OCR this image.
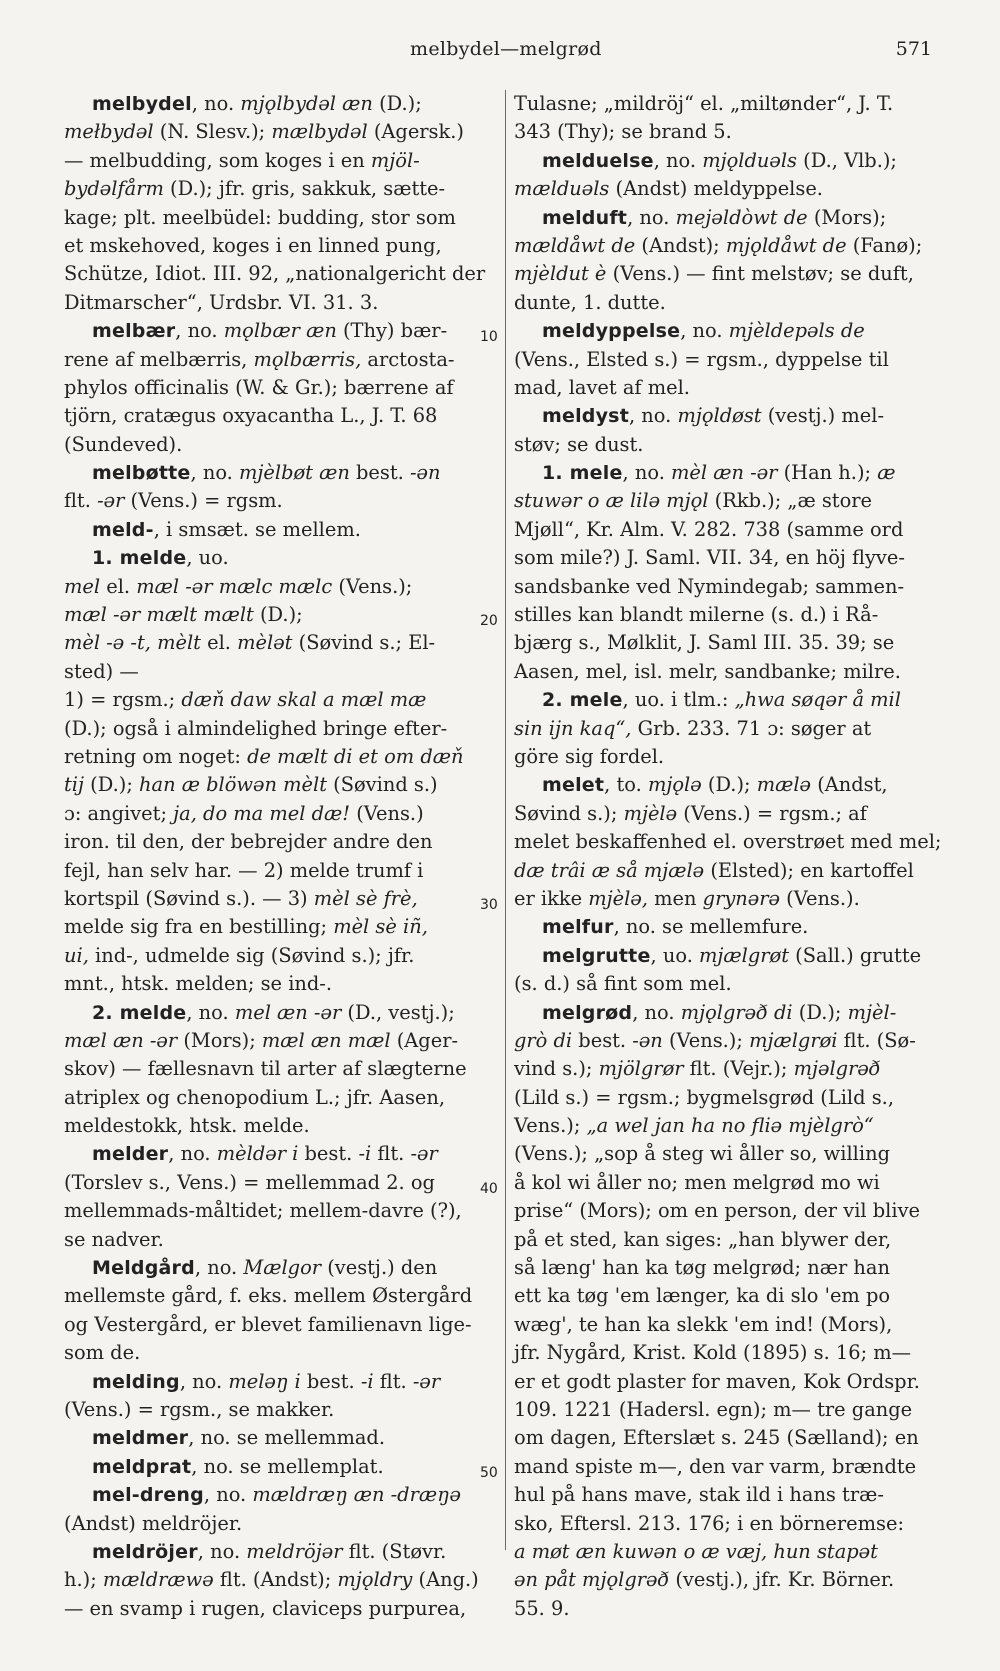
melbydel—melgrød	571
melbydel, no. mjǫlbydəl æn (D.);
mełbydəl (N. Slesv.); mælbydəl (Agersk.)
— melbudding, som koges i en mjöl-
bydəlfårm (D.); jfr. gris, sakkuk, sætte-
kage; plt. meelbüdel: budding, stor som
et mskehoved, koges i en linned pung,
Schütze, Idiot. III. 92, „nationalgericht der
Ditmarscher“, Urdsbr. VI. 31. 3.
melbær, no. mǫlbær æn (Thy) bær-
rene af melbærris, mǫlbærris, arctosta-
phylos officinalis (W. & Gr.); bærrene af
tjörn, cratægus oxyacantha L., J. T. 68
(Sundeved).
melbøtte, no. mjèlbøt æn best. -ən
flt. -ər (Vens.) = rgsm.
meld-, i smsæt. se mellem.
1. melde, uo.
mel el. mæl -ər mælc mælc (Vens.);
mæl -ər mælt mælt (D.);
mèl -ə -t, mèlt el. mèlət (Søvind s.; El-
sted) —
1) = rgsm.; dæň daw skal a mæl mæ
(D.); også i almindelighed bringe efter-
retning om noget: de mælt di et om dæň
tij (D.); han æ blöwən mèlt (Søvind s.)
ɔ: angivet; ja, do ma mel dæ! (Vens.)
iron. til den, der bebrejder andre den
fejl, han selv har. — 2) melde trumf i
kortspil (Søvind s.). — 3) mèl sè frè,
melde sig fra en bestilling; mèl sè iñ,
ui, ind-, udmelde sig (Søvind s.); jfr.
mnt., htsk. melden; se ind-.
2. melde, no. mel æn -ər (D., vestj.);
mæl æn -ər (Mors); mæl æn mæl (Ager-
skov) — fællesnavn til arter af slægterne
atriplex og chenopodium L.; jfr. Aasen,
meldestokk, htsk. melde.
melder, no. mèldər i best. -i flt. -ər
(Torslev s., Vens.) = mellemmad 2. og
mellemmads-måltidet; mellem-davre (?),
se nadver.
Meldgård, no. Mælgor (vestj.) den
mellemste gård, f. eks. mellem Østergård
og Vestergård, er blevet familienavn lige-
som de.
melding, no. meləŋ i best. -i flt. -ər
(Vens.) = rgsm., se makker.
meldmer, no. se mellemmad.
meldprat, no. se mellemplat.
mel-dreng, no. mældræŋ æn -dræŋə
(Andst) meldröjer.
meldröjer, no. meldröjər flt. (Støvr.
h.); mældræwə flt. (Andst); mjǫldry (Ang.)
— en svamp i rugen, claviceps purpurea,
Tulasne; „mildröj“ el. „miltønder“, J. T.
343 (Thy); se brand 5.
melduelse, no. mjǫlduəls (D., Vlb.);
mælduəls (Andst) meldyppelse.
melduft, no. mejəldòwt de (Mors);
mældåwt de (Andst); mjǫldåwt de (Fanø);
mjèldut è (Vens.) — fint melstøv; se duft,
dunte, 1. dutte.
meldyppelse, no. mjèldepəls de
(Vens., Elsted s.) = rgsm., dyppelse til
mad, lavet af mel.
meldyst, no. mjǫldøst (vestj.) mel-
støv; se dust.
1. mele, no. mèl æn -ər (Han h.); æ
stuwər o æ lilə mjǫl (Rkb.); „æ store
Mjøll“, Kr. Alm. V. 282. 738 (samme ord
som mile?) J. Saml. VII. 34, en höj flyve-
sandsbanke ved Nymindegab; sammen-
stilles kan blandt milerne (s. d.) i Rå-
bjærg s., Mølklit, J. Saml III. 35. 39; se
Aasen, mel, isl. melr, sandbanke; milre.
2. mele, uo. i tlm.: „hwa søqər å mil
sin ijn kaq“, Grb. 233. 71 ɔ: søger at
göre sig fordel.
melet, to. mjǫlə (D.); mælə (Andst,
Søvind s.); mjèlə (Vens.) = rgsm.; af
melet beskaffenhed el. overstrøet med mel;
dæ trâi æ så mjælə (Elsted); en kartoffel
er ikke mjèlə, men grynərə (Vens.).
melfur, no. se mellemfure.
melgrutte, uo. mjælgrøt (Sall.) grutte
(s. d.) så fint som mel.
melgrød, no. mjǫlgrəð di (D.); mjèl-
grò di best. -ən (Vens.); mjælgrøi flt. (Sø-
vind s.); mjölgrør flt. (Vejr.); mjəlgrəð
(Lild s.) = rgsm.; bygmelsgrød (Lild s.,
Vens.); „a wel jan ha no fliə mjèlgrò“
(Vens.); „sop å steg wi åller so, willing
å kol wi åller no; men melgrød mo wi
prise“ (Mors); om en person, der vil blive
på et sted, kan siges: „han blywer der,
så læng' han ka tøg melgrød; nær han
ett ka tøg 'em længer, ka di slo 'em po
wæg', te han ka slekk 'em ind! (Mors),
jfr. Nygård, Krist. Kold (1895) s. 16; m—
er et godt plaster for maven, Kok Ordspr.
109. 1221 (Hadersl. egn); m— tre gange
om dagen, Efterslæt s. 245 (Sælland); en
mand spiste m—, den var varm, brændte
hul på hans mave, stak ild i hans træ-
sko, Eftersl. 213. 176; i en börneremse:
a møt æn kuwən o æ væj, hun stapət
ən påt mjǫlgrəð (vestj.), jfr. Kr. Börner.
55. 9.
10
20
30
40
50
